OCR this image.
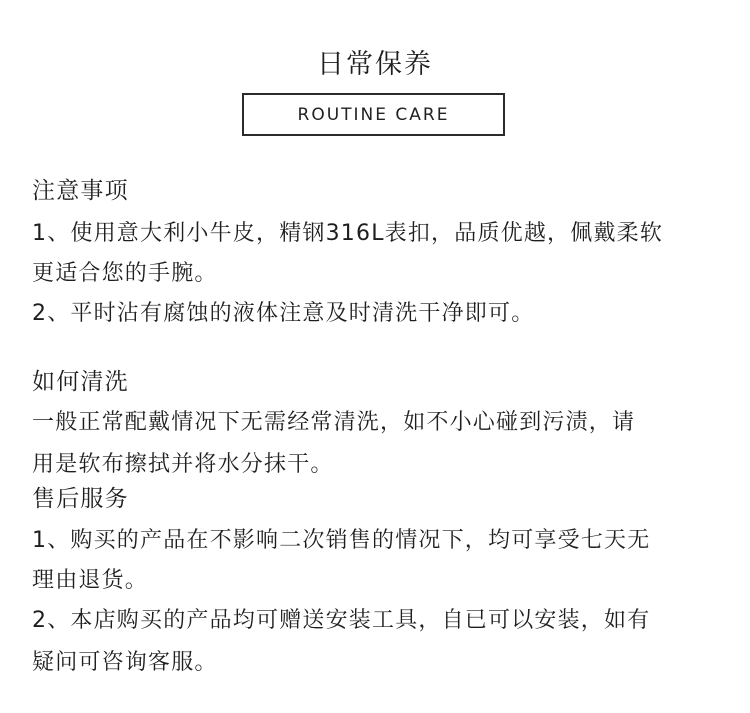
日常保养
ROUTINE CARE
注意事项
1、使用意大利小牛皮，精钢316L表扣，品质优越，佩戴柔软
更适合您的手腕。
2、平时沾有腐蚀的液体注意及时清洗干净即可。
如何清洗
一般正常配戴情况下无需经常清洗，如不小心碰到污渍，请
用是软布擦拭并将水分抹干。
售后服务
1、购买的产品在不影响二次销售的情况下，均可享受七天无
理由退货。
2、本店购买的产品均可赠送安装工具，自已可以安装，如有
疑问可咨询客服。
